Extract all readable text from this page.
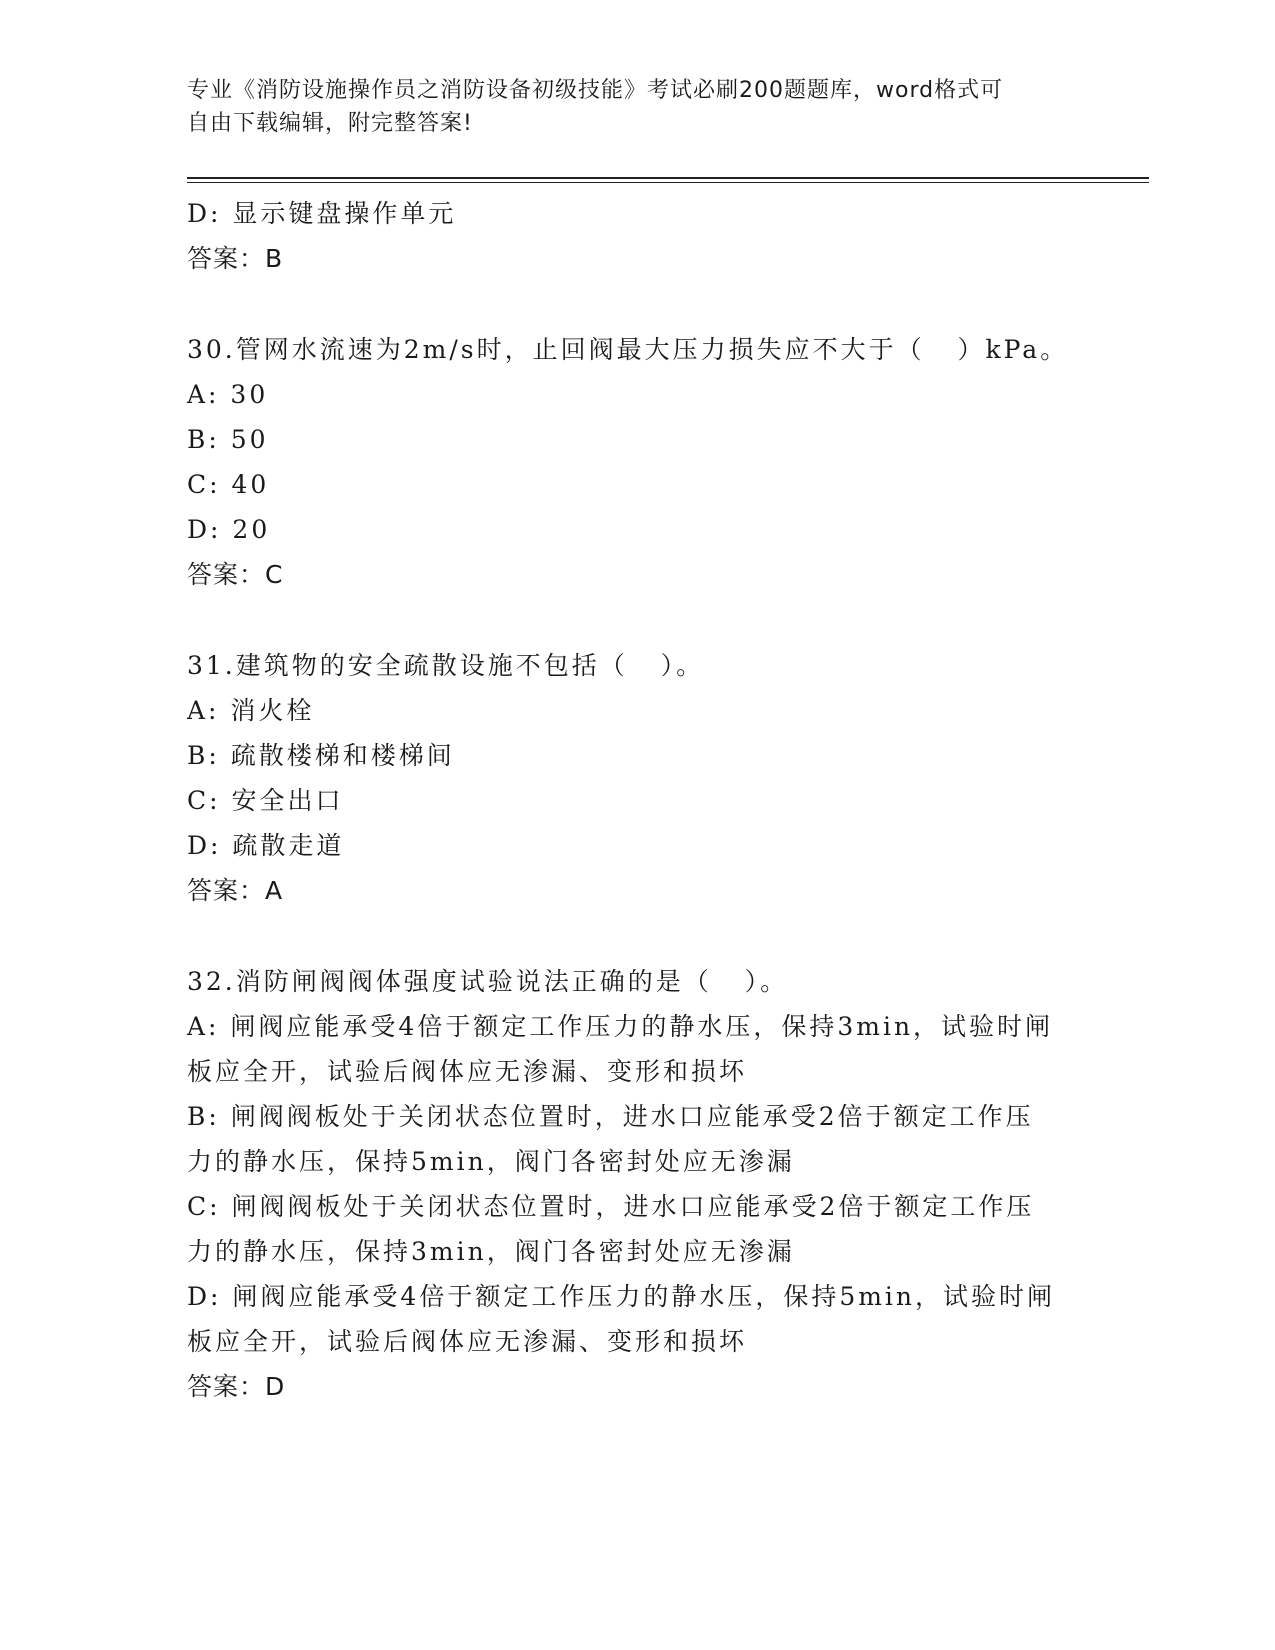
专业《消防设施操作员之消防设备初级技能》考试必刷200题题库，word格式可
自由下载编辑，附完整答案!
D: 显示键盘操作单元
答案：B
30.管网水流速为2m/s时，止回阀最大压力损失应不大于（   ）kPa。
A: 30
B: 50
C: 40
D: 20
答案：C
31.建筑物的安全疏散设施不包括（   ）。
A: 消火栓
B: 疏散楼梯和楼梯间
C: 安全出口
D: 疏散走道
答案：A
32.消防闸阀阀体强度试验说法正确的是（   ）。
A: 闸阀应能承受4倍于额定工作压力的静水压，保持3min，试验时闸
板应全开，试验后阀体应无渗漏、变形和损坏
B: 闸阀阀板处于关闭状态位置时，进水口应能承受2倍于额定工作压
力的静水压，保持5min，阀门各密封处应无渗漏
C: 闸阀阀板处于关闭状态位置时，进水口应能承受2倍于额定工作压
力的静水压，保持3min，阀门各密封处应无渗漏
D: 闸阀应能承受4倍于额定工作压力的静水压，保持5min，试验时闸
板应全开，试验后阀体应无渗漏、变形和损坏
答案：D
